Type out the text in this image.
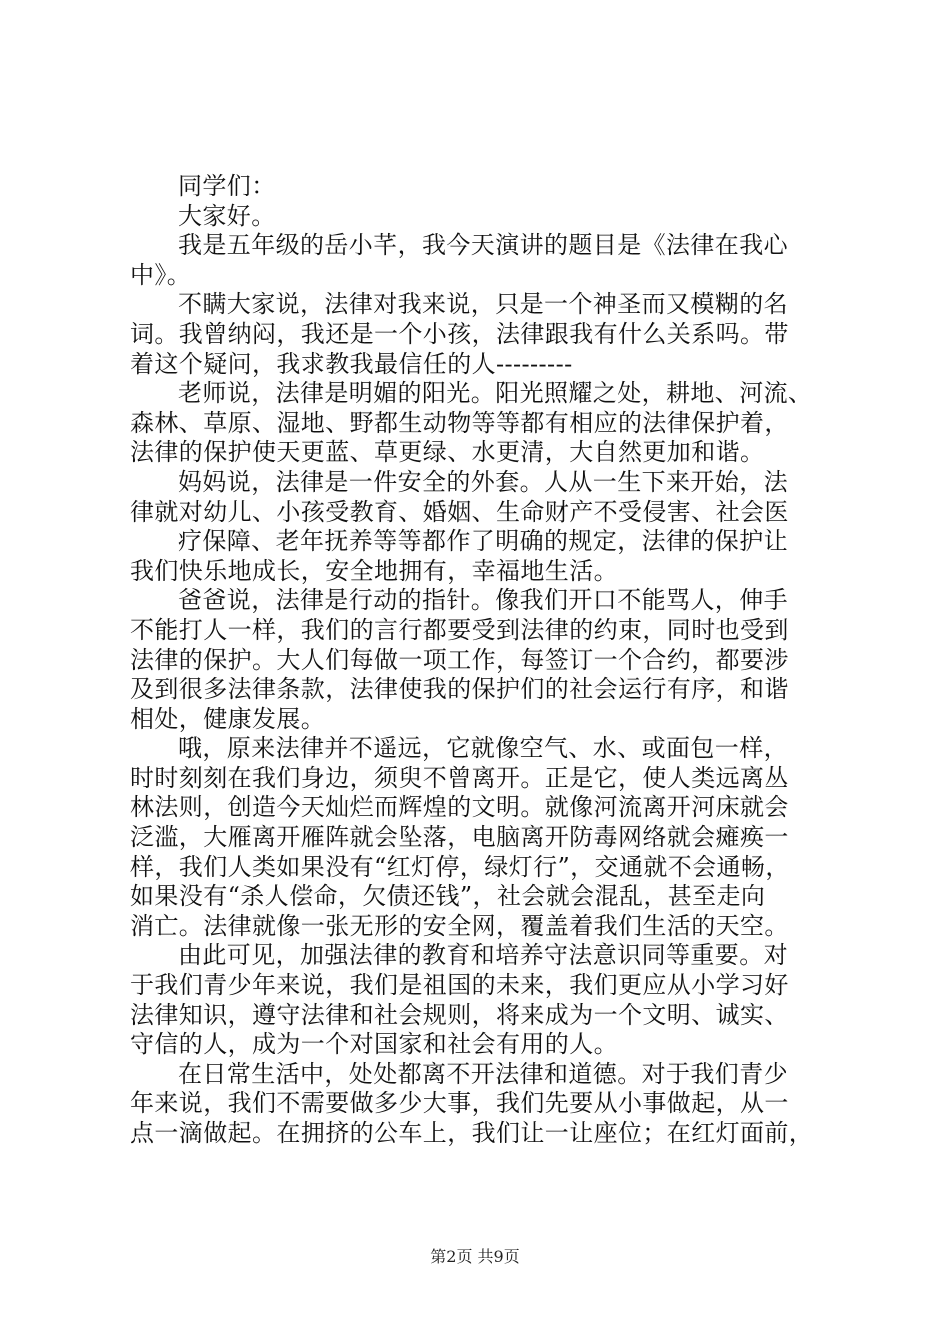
同学们：
大家好。
我是五年级的岳小芊，我今天演讲的题目是《法律在我心
中》。
不瞒大家说，法律对我来说，只是一个神圣而又模糊的名
词。我曾纳闷，我还是一个小孩，法律跟我有什么关系吗。带
着这个疑问，我求教我最信任的人---------
老师说，法律是明媚的阳光。阳光照耀之处，耕地、河流、
森林、草原、湿地、野都生动物等等都有相应的法律保护着，
法律的保护使天更蓝、草更绿、水更清，大自然更加和谐。
妈妈说，法律是一件安全的外套。人从一生下来开始，法
律就对幼儿、小孩受教育、婚姻、生命财产不受侵害、社会医
疗保障、老年抚养等等都作了明确的规定，法律的保护让
我们快乐地成长，安全地拥有，幸福地生活。
爸爸说，法律是行动的指针。像我们开口不能骂人，伸手
不能打人一样，我们的言行都要受到法律的约束，同时也受到
法律的保护。大人们每做一项工作，每签订一个合约，都要涉
及到很多法律条款，法律使我的保护们的社会运行有序，和谐
相处，健康发展。
哦，原来法律并不遥远，它就像空气、水、或面包一样，
时时刻刻在我们身边，须臾不曾离开。正是它，使人类远离丛
林法则，创造今天灿烂而辉煌的文明。就像河流离开河床就会
泛滥，大雁离开雁阵就会坠落，电脑离开防毒网络就会瘫痪一
样，我们人类如果没有“红灯停，绿灯行”，交通就不会通畅，
如果没有“杀人偿命，欠债还钱”，社会就会混乱，甚至走向
消亡。法律就像一张无形的安全网，覆盖着我们生活的天空。
由此可见，加强法律的教育和培养守法意识同等重要。对
于我们青少年来说，我们是祖国的未来，我们更应从小学习好
法律知识，遵守法律和社会规则，将来成为一个文明、诚实、
守信的人，成为一个对国家和社会有用的人。
在日常生活中，处处都离不开法律和道德。对于我们青少
年来说，我们不需要做多少大事，我们先要从小事做起，从一
点一滴做起。在拥挤的公车上，我们让一让座位；在红灯面前，
第2页 共9页
